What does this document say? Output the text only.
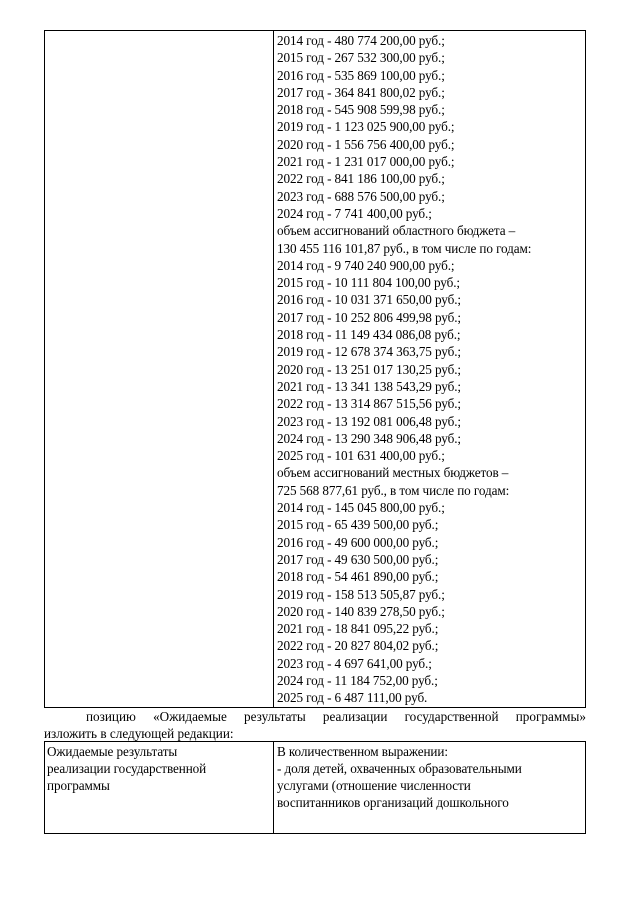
2014 год - 480 774 200,00 руб.;
2015 год - 267 532 300,00 руб.;
2016 год - 535 869 100,00 руб.;
2017 год - 364 841 800,02 руб.;
2018 год - 545 908 599,98 руб.;
2019 год - 1 123 025 900,00 руб.;
2020 год - 1 556 756 400,00 руб.;
2021 год - 1 231 017 000,00 руб.;
2022 год - 841 186 100,00 руб.;
2023 год - 688 576 500,00 руб.;
2024 год - 7 741 400,00 руб.;
объем ассигнований областного бюджета –
130 455 116 101,87 руб., в том числе по годам:
2014 год - 9 740 240 900,00 руб.;
2015 год - 10 111 804 100,00 руб.;
2016 год - 10 031 371 650,00 руб.;
2017 год - 10 252 806 499,98 руб.;
2018 год - 11 149 434 086,08 руб.;
2019 год - 12 678 374 363,75 руб.;
2020 год - 13 251 017 130,25 руб.;
2021 год - 13 341 138 543,29 руб.;
2022 год - 13 314 867 515,56 руб.;
2023 год - 13 192 081 006,48 руб.;
2024 год - 13 290 348 906,48 руб.;
2025 год - 101 631 400,00 руб.;
объем ассигнований местных бюджетов –
725 568 877,61 руб., в том числе по годам:
2014 год - 145 045 800,00 руб.;
2015 год - 65 439 500,00 руб.;
2016 год - 49 600 000,00 руб.;
2017 год - 49 630 500,00 руб.;
2018 год - 54 461 890,00 руб.;
2019 год - 158 513 505,87 руб.;
2020 год - 140 839 278,50 руб.;
2021 год - 18 841 095,22 руб.;
2022 год - 20 827 804,02 руб.;
2023 год - 4 697 641,00 руб.;
2024 год - 11 184 752,00 руб.;
2025 год - 6 487 111,00 руб.
позицию «Ожидаемые результаты реализации государственной программы»
изложить в следующей редакции:
Ожидаемые результаты
реализации государственной
программы
В количественном выражении:
- доля детей, охваченных образовательными
услугами (отношение численности
воспитанников организаций дошкольного
